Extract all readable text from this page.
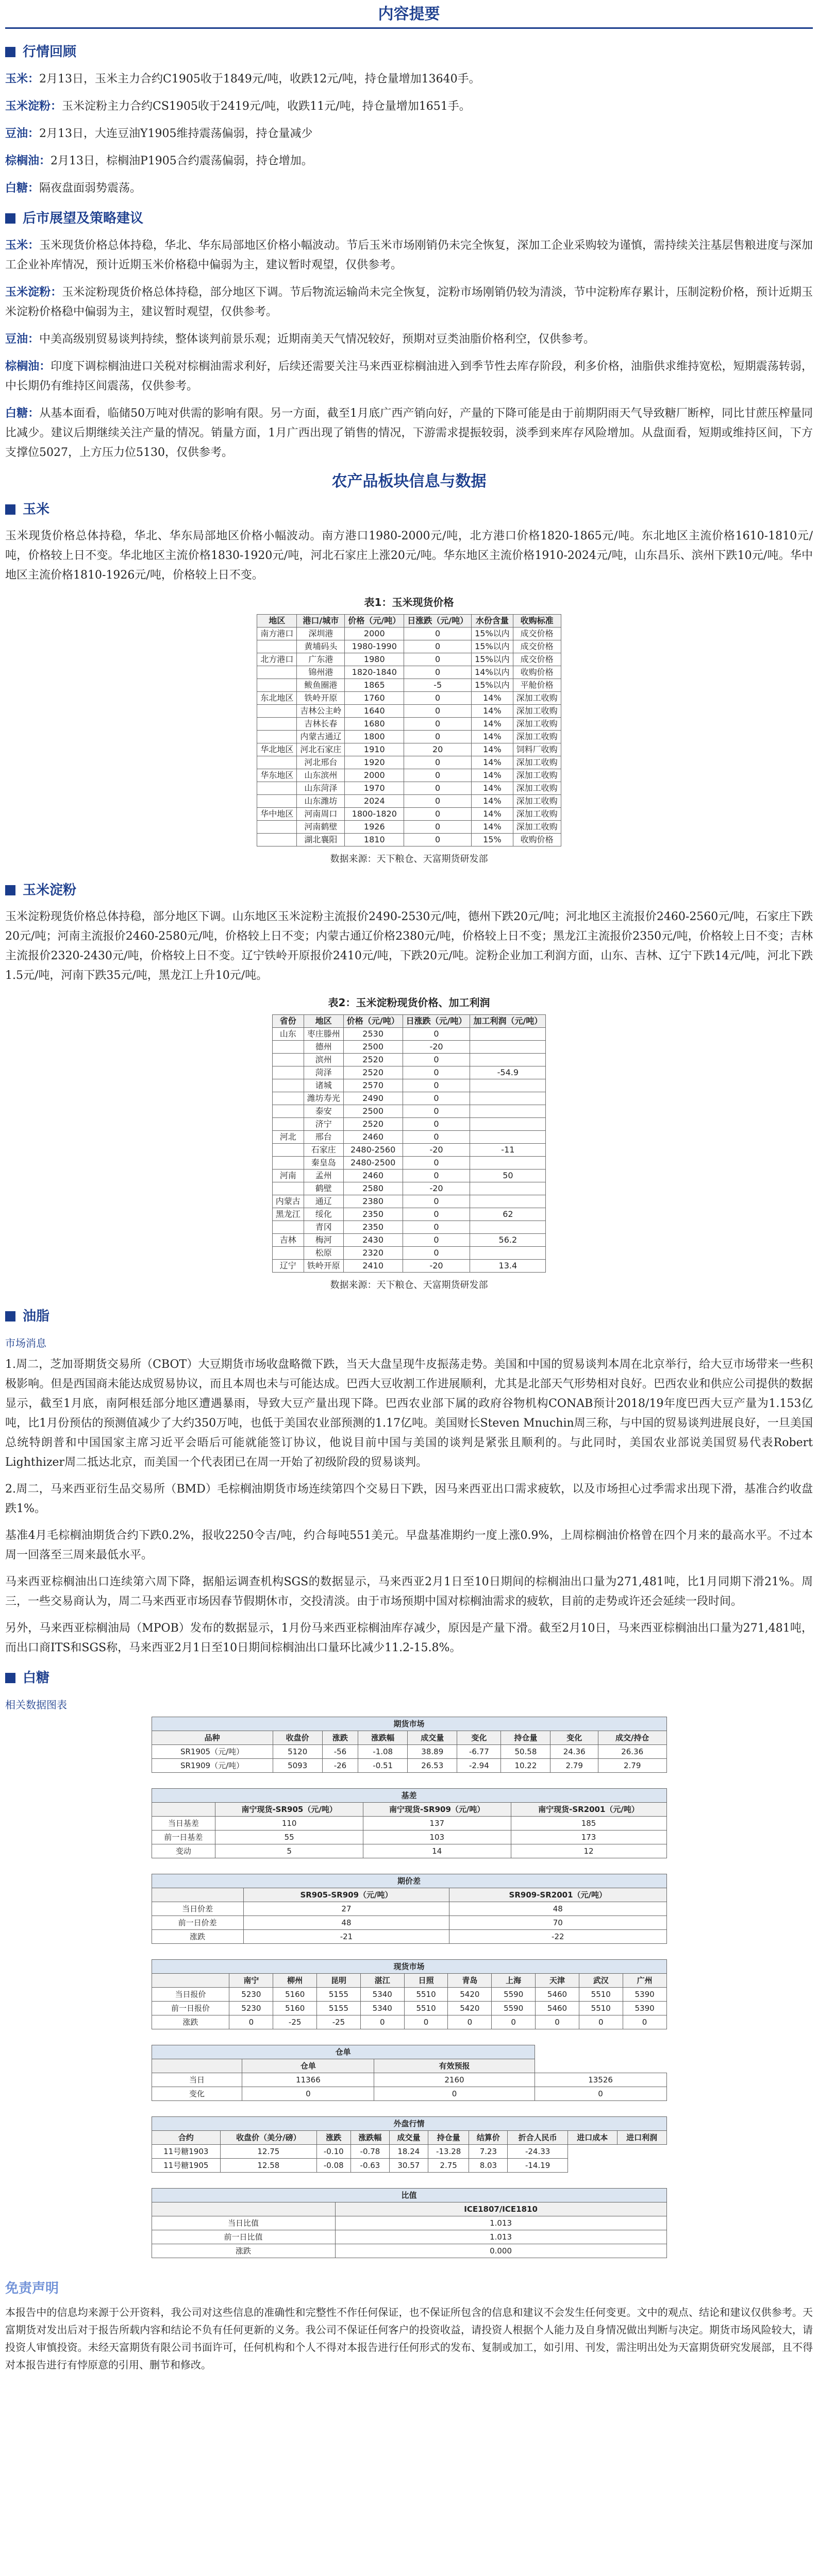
内容提要
行情回顾

玉米：2月13日，玉米主力合约C1905收于1849元/吨，收跌12元/吨，持仓量增加13640手。

玉米淀粉：玉米淀粉主力合约CS1905收于2419元/吨，收跌11元/吨，持仓量增加1651手。

豆油：2月13日，大连豆油Y1905维持震荡偏弱，持仓量减少

棕榈油：2月13日，棕榈油P1905合约震荡偏弱，持仓增加。

白糖：隔夜盘面弱势震荡。

后市展望及策略建议

玉米：玉米现货价格总体持稳，华北、华东局部地区价格小幅波动。节后玉米市场刚销仍未完全恢复，深加工企业采购较为谨慎，需持续关注基层售粮进度与深加工企业补库情况，预计近期玉米价格稳中偏弱为主，建议暂时观望，仅供参考。

玉米淀粉：玉米淀粉现货价格总体持稳，部分地区下调。节后物流运输尚未完全恢复，淀粉市场刚销仍较为清淡，节中淀粉库存累计，压制淀粉价格，预计近期玉米淀粉价格稳中偏弱为主，建议暂时观望，仅供参考。

豆油：中美高级别贸易谈判持续，整体谈判前景乐观；近期南美天气情况较好，预期对豆类油脂价格利空，仅供参考。

棕榈油：印度下调棕榈油进口关税对棕榈油需求利好，后续还需要关注马来西亚棕榈油进入到季节性去库存阶段，利多价格，油脂供求维持宽松，短期震荡转弱，中长期仍有维持区间震荡，仅供参考。

白糖：从基本面看，临储50万吨对供需的影响有限。另一方面，截至1月底广西产销向好，产量的下降可能是由于前期阴雨天气导致糖厂断榨，同比甘蔗压榨量同比减少。建议后期继续关注产量的情况。销量方面，1月广西出现了销售的情况，下游需求提振较弱，淡季到来库存风险增加。从盘面看，短期或维持区间，下方支撑位5027，上方压力位5130，仅供参考。

农产品板块信息与数据
玉米

玉米现货价格总体持稳，华北、华东局部地区价格小幅波动。南方港口1980-2000元/吨，北方港口价格1820-1865元/吨。东北地区主流价格1610-1810元/吨，价格较上日不变。华北地区主流价格1830-1920元/吨，河北石家庄上涨20元/吨。华东地区主流价格1910-2024元/吨，山东昌乐、滨州下跌10元/吨。华中地区主流价格1810-1926元/吨，价格较上日不变。

表1：玉米现货价格
地区	港口/城市	价格（元/吨）	日涨跌（元/吨）	水份含量	收购标准
南方港口	深圳港	2000	0	15%以内	成交价格
	黄埔码头	1980-1990	0	15%以内	成交价格
北方港口	广东港	1980	0	15%以内	成交价格
	锦州港	1820-1840	0	14%以内	收购价格
	鲅鱼圈港	1865	-5	15%以内	平舱价格
东北地区	铁岭开原	1760	0	14%	深加工收购
	吉林公主岭	1640	0	14%	深加工收购
	吉林长春	1680	0	14%	深加工收购
	内蒙古通辽	1800	0	14%	深加工收购
华北地区	河北石家庄	1910	20	14%	饲料厂收购
	河北邢台	1920	0	14%	深加工收购
华东地区	山东滨州	2000	0	14%	深加工收购
	山东菏泽	1970	0	14%	深加工收购
	山东潍坊	2024	0	14%	深加工收购
华中地区	河南周口	1800-1820	0	14%	深加工收购
	河南鹤壁	1926	0	14%	深加工收购
	湖北襄阳	1810	0	15%	收购价格
数据来源：天下粮仓、天富期货研发部
玉米淀粉

玉米淀粉现货价格总体持稳，部分地区下调。山东地区玉米淀粉主流报价2490-2530元/吨，德州下跌20元/吨；河北地区主流报价2460-2560元/吨，石家庄下跌20元/吨；河南主流报价2460-2580元/吨，价格较上日不变；内蒙古通辽价格2380元/吨，价格较上日不变；黑龙江主流报价2350元/吨，价格较上日不变；吉林主流报价2320-2430元/吨，价格较上日不变。辽宁铁岭开原报价2410元/吨，下跌20元/吨。淀粉企业加工利润方面，山东、吉林、辽宁下跌14元/吨，河北下跌1.5元/吨，河南下跌35元/吨，黑龙江上升10元/吨。

表2：玉米淀粉现货价格、加工利润
省份	地区	价格（元/吨）	日涨跌（元/吨）	加工利润（元/吨）
山东	枣庄滕州	2530	0	
	德州	2500	-20	
	滨州	2520	0	
	菏泽	2520	0	-54.9
	诸城	2570	0	
	潍坊寿光	2490	0	
	泰安	2500	0	
	济宁	2520	0	
河北	邢台	2460	0	
	石家庄	2480-2560	-20	-11
	秦皇岛	2480-2500	0	
河南	孟州	2460	0	50
	鹤壁	2580	-20	
内蒙古	通辽	2380	0	
黑龙江	绥化	2350	0	62
	青冈	2350	0	
吉林	梅河	2430	0	56.2
	松原	2320	0	
辽宁	铁岭开原	2410	-20	13.4
数据来源：天下粮仓、天富期货研发部
油脂
市场消息

1.周二，芝加哥期货交易所（CBOT）大豆期货市场收盘略微下跌，当天大盘呈现牛皮振荡走势。美国和中国的贸易谈判本周在北京举行，给大豆市场带来一些积极影响。但是西国商未能达成贸易协议，而且本周也未与可能达成。巴西大豆收割工作进展顺利，尤其是北部天气形势相对良好。巴西农业和供应公司提供的数据显示，截至1月底，南阿根廷部分地区遭遇暴雨，导致大豆产量出现下降。巴西农业部下属的政府谷物机构CONAB预计2018/19年度巴西大豆产量为1.153亿吨，比1月份预估的预测值减少了大约350万吨，也低于美国农业部预测的1.17亿吨。美国财长Steven Mnuchin周三称，与中国的贸易谈判进展良好，一旦美国总统特朗普和中国国家主席习近平会晤后可能就能签订协议，他说目前中国与美国的谈判是紧张且顺利的。与此同时，美国农业部说美国贸易代表Robert Lighthizer周二抵达北京，而美国一个代表团已在周一开始了初级阶段的贸易谈判。

2.周二，马来西亚衍生品交易所（BMD）毛棕榈油期货市场连续第四个交易日下跌，因马来西亚出口需求疲软，以及市场担心过季需求出现下滑，基准合约收盘跌1%。

基准4月毛棕榈油期货合约下跌0.2%，报收2250令吉/吨，约合每吨551美元。早盘基准期约一度上涨0.9%，上周棕榈油价格曾在四个月来的最高水平。不过本周一回落至三周来最低水平。

马来西亚棕榈油出口连续第六周下降，据船运调查机构SGS的数据显示，马来西亚2月1日至10日期间的棕榈油出口量为271,481吨，比1月同期下滑21%。周三，一些交易商认为，周二马来西亚市场因春节假期休市，交投清淡。由于市场预期中国对棕榈油需求的疲软，目前的走势或许还会延续一段时间。

另外，马来西亚棕榈油局（MPOB）发布的数据显示，1月份马来西亚棕榈油库存减少，原因是产量下滑。截至2月10日，马来西亚棕榈油出口量为271,481吨，而出口商ITS和SGS称，马来西亚2月1日至10日期间棕榈油出口量环比减少11.2-15.8%。

白糖
相关数据图表
期货市场								
品种	收盘价	涨跌	涨跌幅	成交量	变化	持仓量	变化	成交/持仓
SR1905（元/吨）	5120	-56	-1.08	38.89	-6.77	50.58	24.36	26.36
SR1909（元/吨）	5093	-26	-0.51	26.53	-2.94	10.22	2.79	2.79
基差			
	南宁现货-SR905（元/吨）	南宁现货-SR909（元/吨）	南宁现货-SR2001（元/吨）
当日基差	110	137	185
前一日基差	55	103	173
变动	5	14	12
期价差		
	SR905-SR909（元/吨）	SR909-SR2001（元/吨）
当日价差	27	48
前一日价差	48	70
涨跌	-21	-22
现货市场										
	南宁	柳州	昆明	湛江	日照	青岛	上海	天津	武汉	广州
当日报价	5230	5160	5155	5340	5510	5420	5590	5460	5510	5390
前一日报价	5230	5160	5155	5340	5510	5420	5590	5460	5510	5390
涨跌	0	-25	-25	0	0	0	0	0	0	0
仓单			
	仓单	有效预报	
当日	11366	2160	13526
变化	0	0	0
外盘行情									
合约	收盘价（美分/磅）	涨跌	涨跌幅	成交量	持仓量	结算价	折合人民币	进口成本	进口利润
11号糖1903	12.75	-0.10	-0.78	18.24	-13.28	7.23	-24.33		
11号糖1905	12.58	-0.08	-0.63	30.57	2.75	8.03	-14.19		
比值	
	ICE1807/ICE1810
当日比值	1.013
前一日比值	1.013
涨跌	0.000
免责声明

本报告中的信息均来源于公开资料，我公司对这些信息的准确性和完整性不作任何保证，也不保证所包含的信息和建议不会发生任何变更。文中的观点、结论和建议仅供参考。天富期货对发出后对于报告所载内容和结论不负有任何更新的义务。我公司不保证任何客户的投资收益，请投资人根据个人能力及自身情况做出判断与决定。期货市场风险较大，请投资人审慎投资。未经天富期货有限公司书面许可，任何机构和个人不得对本报告进行任何形式的发布、复制或加工，如引用、刊发，需注明出处为天富期货研究发展部，且不得对本报告进行有悖原意的引用、删节和修改。
